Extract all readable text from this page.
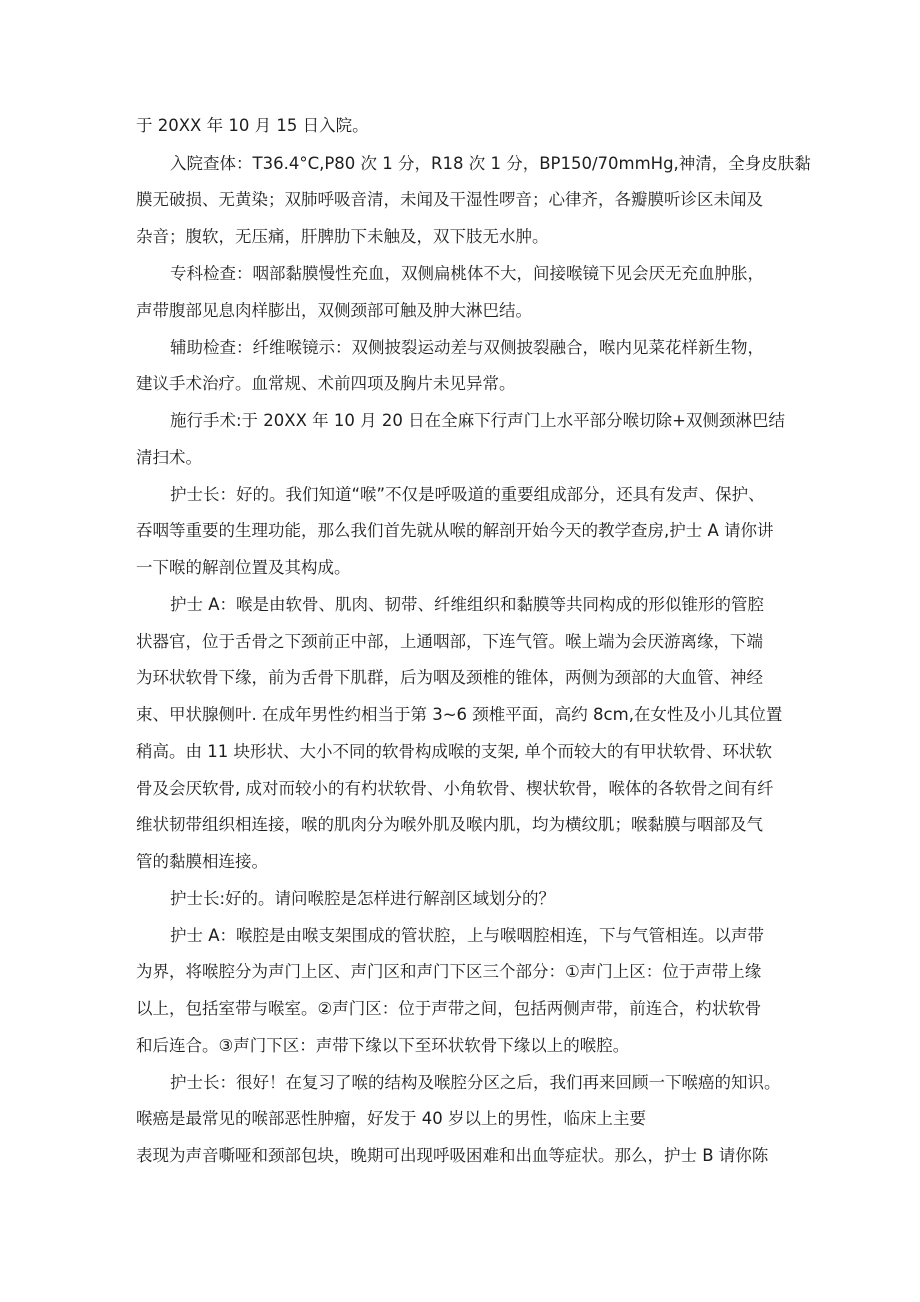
于 20XX 年 10 月 15 日入院。
入院查体：T36.4°C,P80 次 1 分，R18 次 1 分，BP150∕70mmHg,神清，全身皮肤黏
膜无破损、无黄染；双肺呼吸音清，未闻及干湿性啰音；心律齐，各瓣膜听诊区未闻及
杂音；腹软，无压痛，肝脾肋下未触及，双下肢无水肿。
专科检查：咽部黏膜慢性充血，双侧扁桃体不大，间接喉镜下见会厌无充血肿胀，
声带腹部见息肉样膨出，双侧颈部可触及肿大淋巴结。
辅助检查：纤维喉镜示：双侧披裂运动差与双侧披裂融合，喉内见菜花样新生物，
建议手术治疗。血常规、术前四项及胸片未见异常。
施行手术:于 20XX 年 10 月 20 日在全麻下行声门上水平部分喉切除+双侧颈淋巴结
清扫术。
护士长：好的。我们知道“喉”不仅是呼吸道的重要组成部分，还具有发声、保护、
吞咽等重要的生理功能，那么我们首先就从喉的解剖开始今天的教学查房,护士 A 请你讲
一下喉的解剖位置及其构成。
护士 A：喉是由软骨、肌肉、韧带、纤维组织和黏膜等共同构成的形似锥形的管腔
状器官，位于舌骨之下颈前正中部，上通咽部，下连气管。喉上端为会厌游离缘，下端
为环状软骨下缘，前为舌骨下肌群，后为咽及颈椎的锥体，两侧为颈部的大血管、神经
束、甲状腺侧叶. 在成年男性约相当于第 3~6 颈椎平面，高约 8cm,在女性及小儿其位置
稍高。由 11 块形状、大小不同的软骨构成喉的支架, 单个而较大的有甲状软骨、环状软
骨及会厌软骨, 成对而较小的有杓状软骨、小角软骨、楔状软骨，喉体的各软骨之间有纤
维状韧带组织相连接，喉的肌肉分为喉外肌及喉内肌，均为横纹肌；喉黏膜与咽部及气
管的黏膜相连接。
护士长:好的。请问喉腔是怎样进行解剖区域划分的？
护士 A：喉腔是由喉支架围成的管状腔，上与喉咽腔相连，下与气管相连。以声带
为界，将喉腔分为声门上区、声门区和声门下区三个部分：①声门上区：位于声带上缘
以上，包括室带与喉室。②声门区：位于声带之间，包括两侧声带，前连合，杓状软骨
和后连合。③声门下区：声带下缘以下至环状软骨下缘以上的喉腔。
护士长：很好！在复习了喉的结构及喉腔分区之后，我们再来回顾一下喉癌的知识。
喉癌是最常见的喉部恶性肿瘤，好发于 40 岁以上的男性，临床上主要
表现为声音嘶哑和颈部包块，晚期可出现呼吸困难和出血等症状。那么，护士 B 请你陈
